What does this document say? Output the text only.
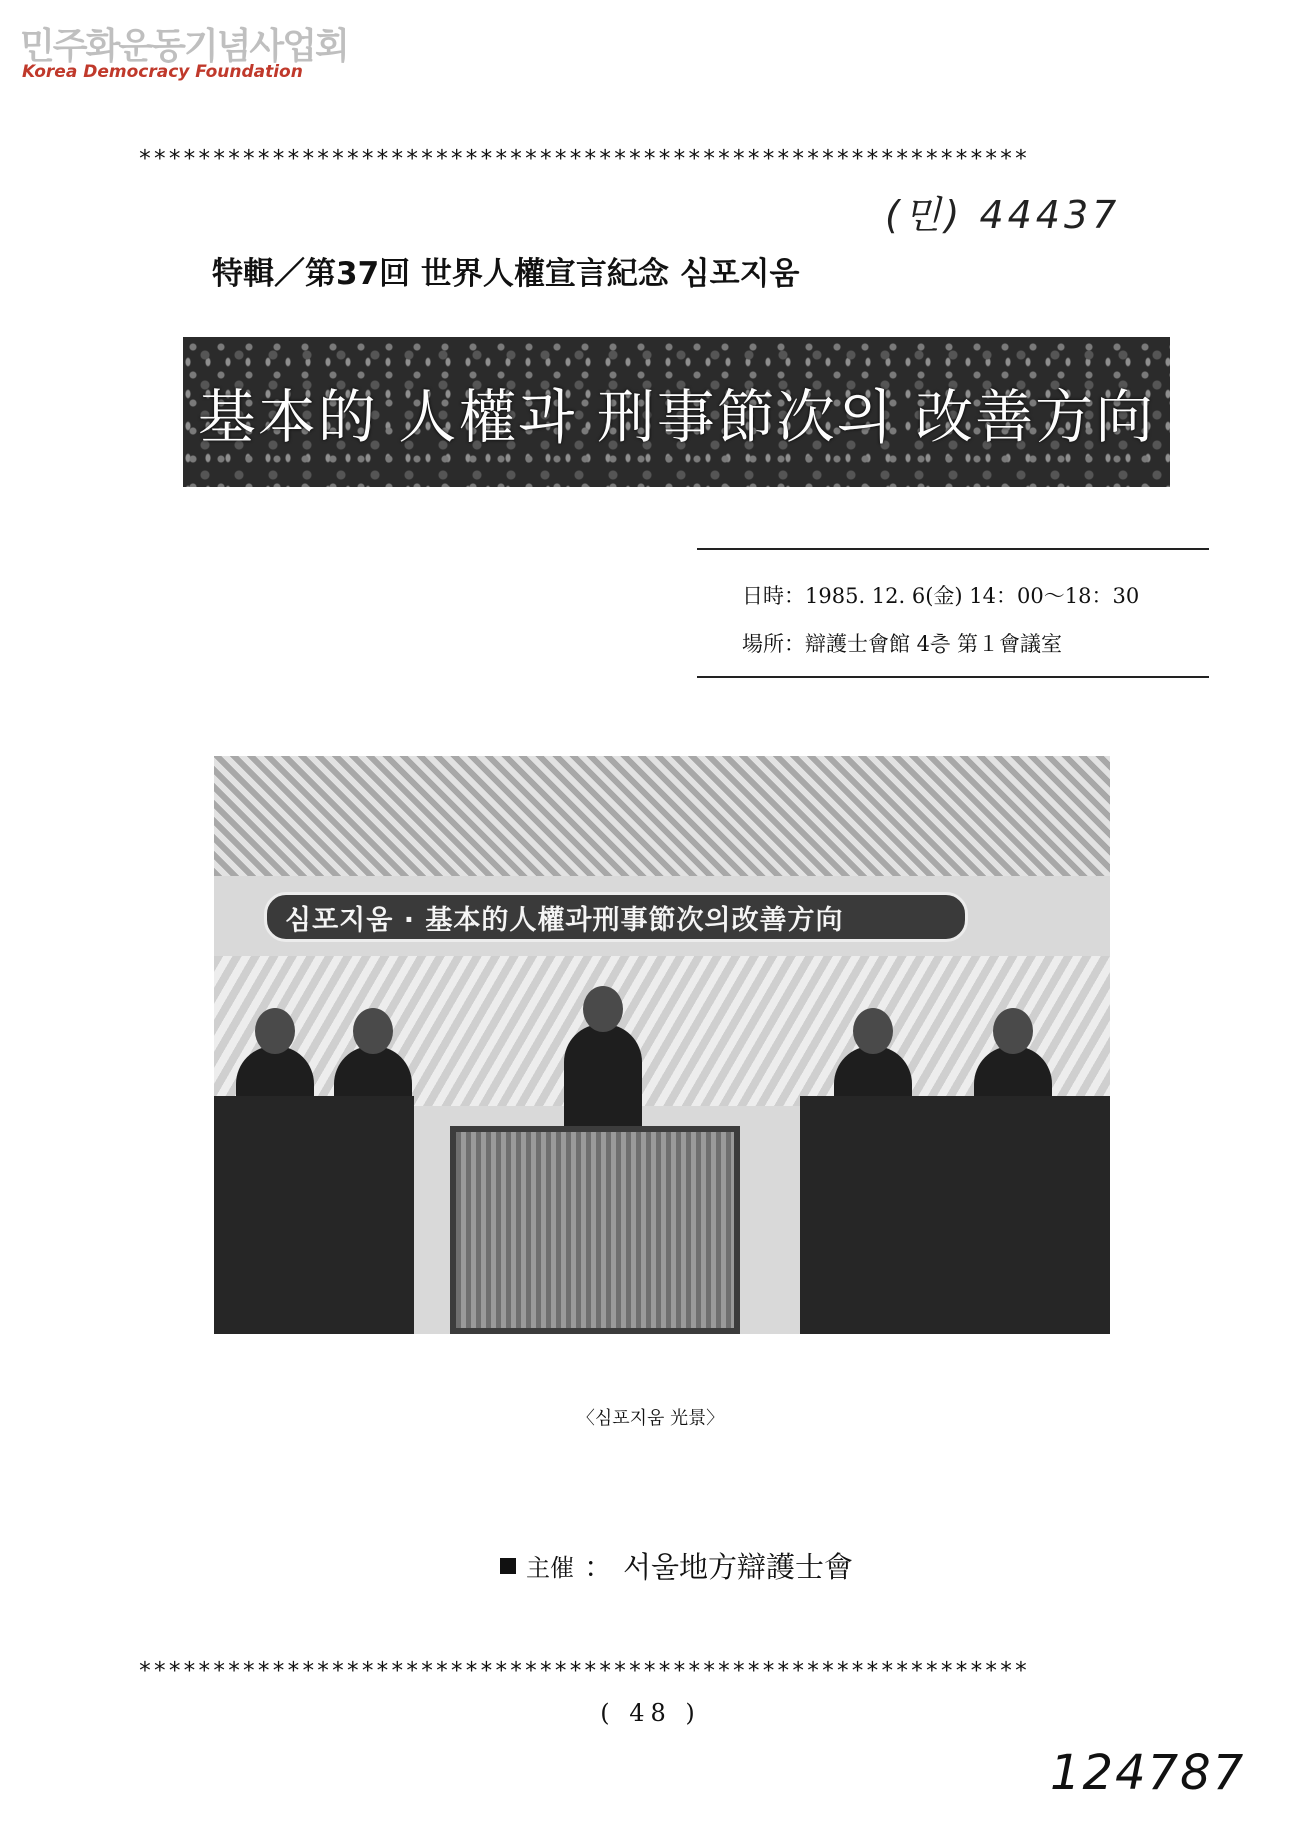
민주화운동기념사업회
Korea Democracy Foundation
************************************************************
(민) 44437
特輯／第37回 世界人權宣言紀念 심포지움
基本的 人權과 刑事節次의 改善方向
日時：1985. 12. 6(金) 14：00～18：30
場所：辯護士會館 4층 第１會議室
심포지움 · 基本的人權과刑事節次의改善方向
〈심포지움 光景〉
主催 ： 서울地方辯護士會
************************************************************
( 48 )
124787
